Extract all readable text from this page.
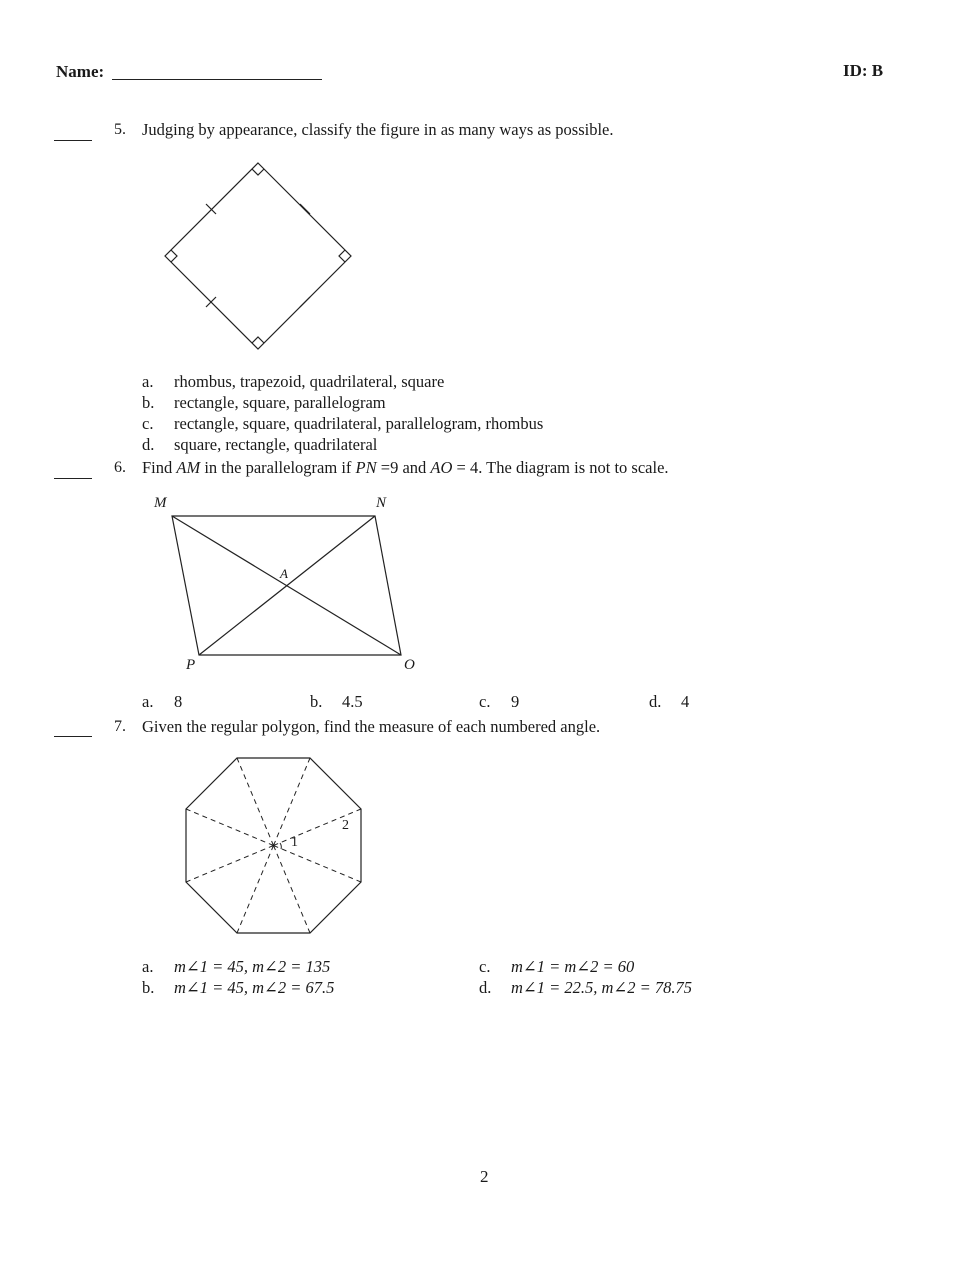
Name:	ID: B
5. Judging by appearance, classify the figure in as many ways as possible.
a. rhombus, trapezoid, quadrilateral, square
b. rectangle, square, parallelogram
c. rectangle, square, quadrilateral, parallelogram, rhombus
d. square, rectangle, quadrilateral
6. Find AM in the parallelogram if PN =9 and AO = 4. The diagram is not to scale.
M	N
A
P	O
a. 8	b. 4.5	c. 9	d. 4
7. Given the regular polygon, find the measure of each numbered angle.
1
2
a. m∠1 = 45, m∠2 = 135
b. m∠1 = 45, m∠2 = 67.5
c. m∠1 = m∠2 = 60
d. m∠1 = 22.5, m∠2 = 78.75
2
